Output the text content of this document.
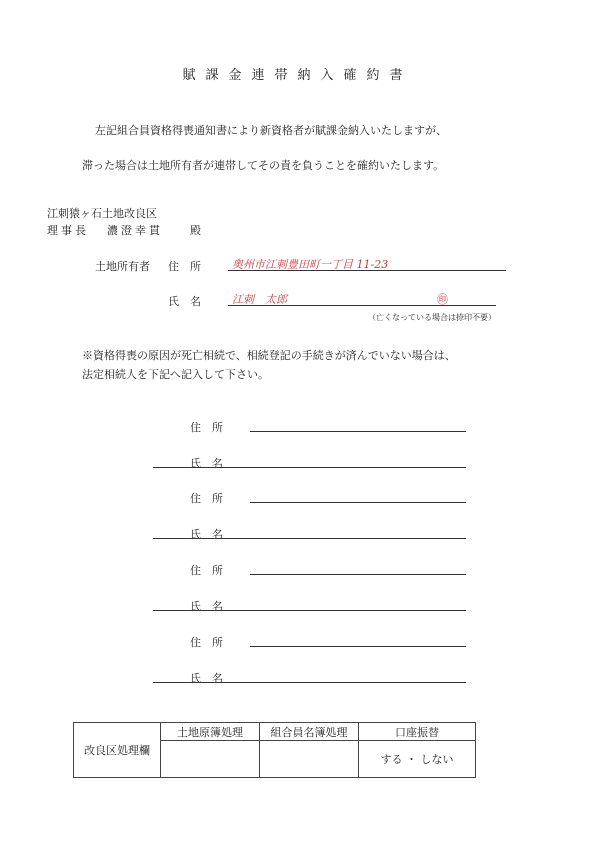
賦課金連帯納入確約書
左記組合員資格得喪通知書により新資格者が賦課金納入いたしますが、
滞った場合は土地所有者が連帯してその責を負うことを確約いたします。
江刺猿ヶ石土地改良区
理事長 濃澄幸貫 殿
土地所有者 住　所	奥州市江刺豊田町一丁目 11-23
氏　名	江刺　太郎	㊞
（亡くなっている場合は捺印不要）
※資格得喪の原因が死亡相続で、相続登記の手続きが済んでいない場合は、
法定相続人を下記へ記入して下さい。
住　所
氏　名
住　所
氏　名
住　所
氏　名
住　所
氏　名
改良区処理欄	土地原簿処理	組合員名簿処理	口座振替
			する ・ しない
